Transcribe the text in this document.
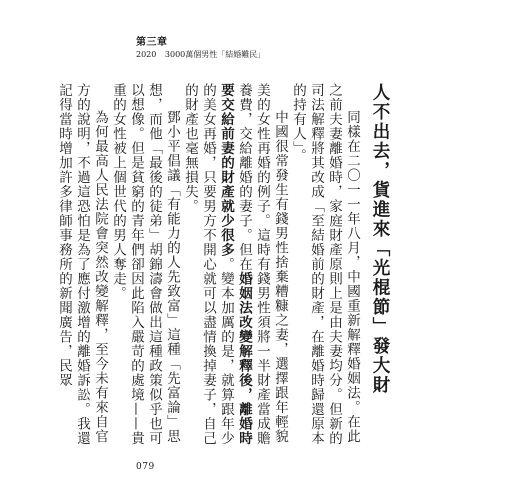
第三章
2020 3000萬個男性「結婚難民」

人不出去，貨進來「光棍節」發大財

同樣在二〇一一年八月，中國重新解釋婚姻法。在此之前夫妻離婚時，家庭財產原則上是由夫妻均分。但新的司法解釋將其改成「至結婚前的財產，在離婚時歸還原本的持有人」。

中國很常發生有錢男性捨棄糟糠之妻，選擇跟年輕貌美的女性再婚的例子。這時有錢男性須將一半財產當成贍養費，交給離婚的妻子。但在婚姻法改變解釋後，離婚時要交給前妻的財產就少很多。變本加厲的是，就算跟年少的美女再婚，只要男方不開心就可以盡情換掉妻子，自己的財產也毫無損失。

鄧小平倡議「有能力的人先致富」這種「先富論」思想，而他「最後的徒弟」胡錦濤會做出這種政策似乎也可以想像。但是貧窮的青年們卻因此陷入嚴苛的處境——貴重的女性被上個世代的男人奪走。

為何最高人民法院會突然改變解釋，至今未有來自官方的說明，不過這恐怕是為了應付激增的離婚訴訟。我還記得當時增加許多律師事務所的新聞廣告，民眾

079
